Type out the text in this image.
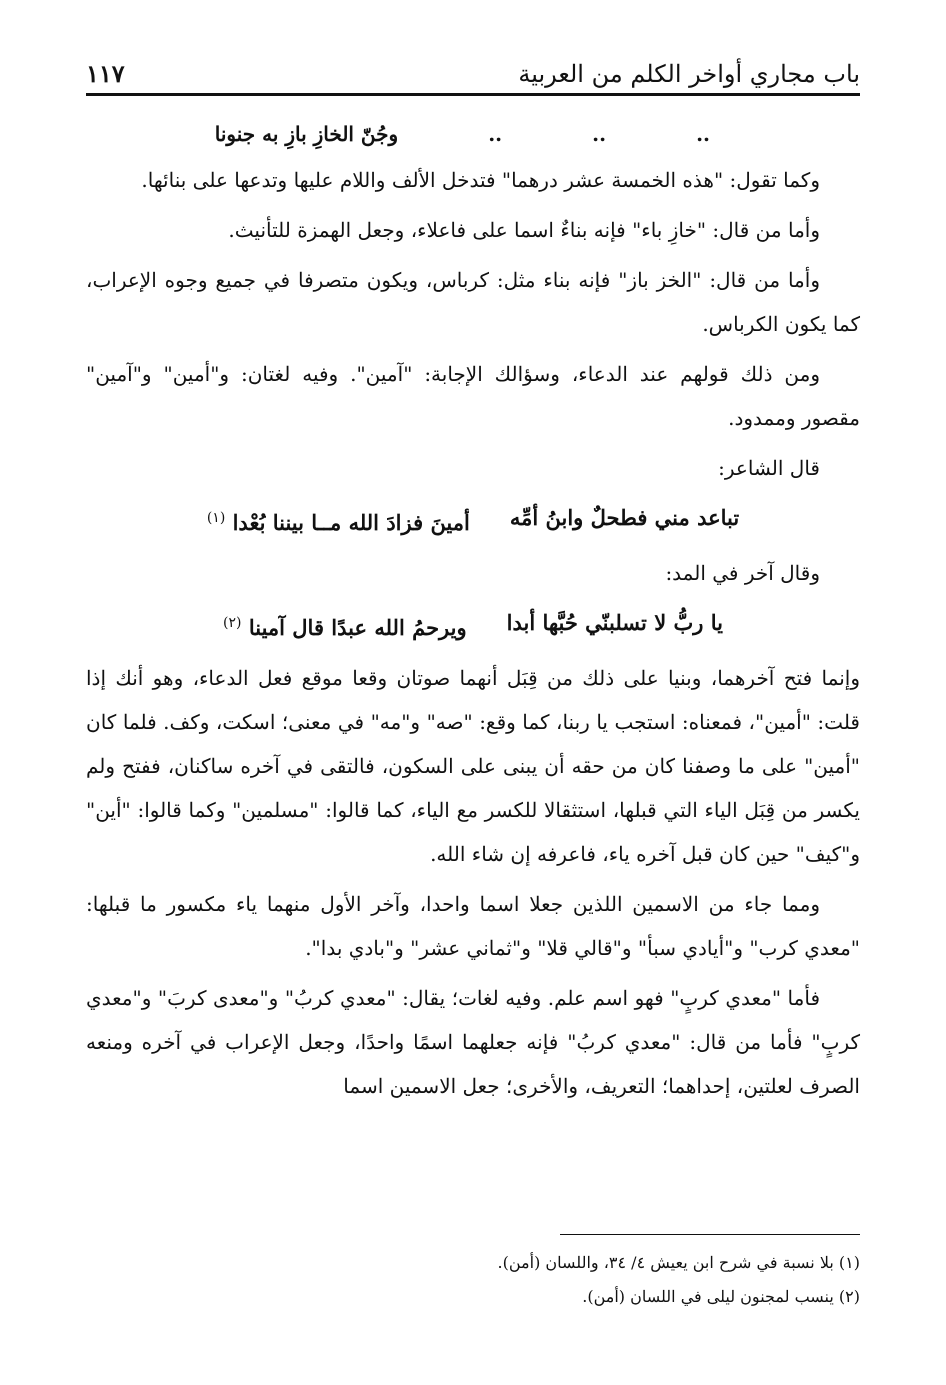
باب مجاري أواخر الكلم من العربية
١١٧
..
..
..
وجُنّ الخازِ بازِ به جنونا

وكما تقول: "هذه الخمسة عشر درهما" فتدخل الألف واللام عليها وتدعها على بنائها.

وأما من قال: "خازِ باء" فإنه بناءٌ اسما على فاعلاء، وجعل الهمزة للتأنيث.

وأما من قال: "الخز باز" فإنه بناء مثل: كرباس، ويكون متصرفا في جميع وجوه الإعراب، كما يكون الكرباس.

ومن ذلك قولهم عند الدعاء، وسؤالك الإجابة: "آمين". وفيه لغتان: و"أمين" و"آمين" مقصور وممدود.

قال الشاعر:

تباعد مني فطحلٌ وابنُ أمِّه
أمينَ فزادَ الله مــا بيننا بُعْدا $^{(١)}$

وقال آخر في المد:

يا ربُّ لا تسلبنّي حُبَّها أبدا
ويرحمُ الله عبدًا قال آمينا $^{(٢)}$

وإنما فتح آخرهما، وبنيا على ذلك من قِبَل أنهما صوتان وقعا موقع فعل الدعاء، وهو أنك إذا قلت: "أمين"، فمعناه: استجب يا ربنا، كما وقع: "صه" و"مه" في معنى؛ اسكت، وكف. فلما كان "أمين" على ما وصفنا كان من حقه أن يبنى على السكون، فالتقى في آخره ساكنان، ففتح ولم يكسر من قِبَل الياء التي قبلها، استثقالا للكسر مع الياء، كما قالوا: "مسلمين" وكما قالوا: "أين" و"كيف" حين كان قبل آخره ياء، فاعرفه إن شاء الله.

ومما جاء من الاسمين اللذين جعلا اسما واحدا، وآخر الأول منهما ياء مكسور ما قبلها: "معدي كرب" و"أيادي سبأ" و"قالي قلا" و"ثماني عشر" و"بادي بدا".

فأما "معدي كربٍ" فهو اسم علم. وفيه لغات؛ يقال: "معدي كربُ" و"معدى كربَ" و"معدي كربٍ" فأما من قال: "معدي كربُ" فإنه جعلهما اسمًا واحدًا، وجعل الإعراب في آخره ومنعه الصرف لعلتين، إحداهما؛ التعريف، والأخرى؛ جعل الاسمين اسما

(١) بلا نسبة في شرح ابن يعيش ٤/ ٣٤، واللسان (أمن).
(٢) ينسب لمجنون ليلى في اللسان (أمن).
